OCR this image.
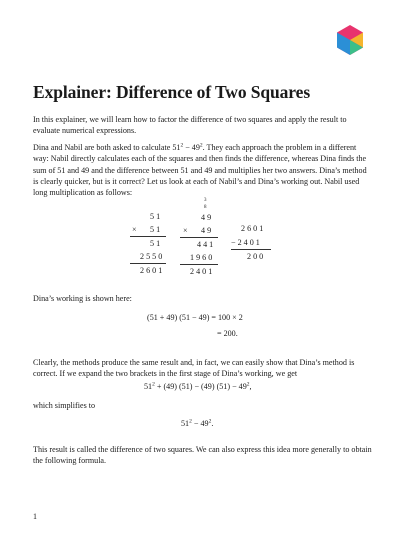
Explainer: Difference of Two Squares

In this explainer, we will learn how to factor the difference of two squares and apply the result to evaluate numerical expressions.

Dina and Nabil are both asked to calculate $51^2 - 49^2$. They each approach the problem in a different way: Nabil directly calculates each of the squares and then finds the difference, whereas Dina finds the sum of 51 and 49 and the difference between 51 and 49 and multiplies her two answers. Dina’s method is clearly quicker, but is it correct? Let us look at each of Nabil’s and Dina’s working out. Nabil used long multiplication as follows:

5 1
× 5 1
5 1
2 5 5 0
2 6 0 1
3
8
4 9
× 4 9
4 4 1
1 9 6 0
2 4 0 1
2 6 0 1
− 2 4 0 1
2 0 0

Dina’s working is shown here:

(51 + 49) (51 − 49) = 100 × 2
= 200.

Clearly, the methods produce the same result and, in fact, we can easily show that Dina’s method is correct. If we expand the two brackets in the first stage of Dina’s working, we get

$51^2 + (49) (51) - (49) (51) - 49^2$,

which simplifies to

$51^2 - 49^2$.

This result is called the difference of two squares. We can also express this idea more generally to obtain the following formula.

1
